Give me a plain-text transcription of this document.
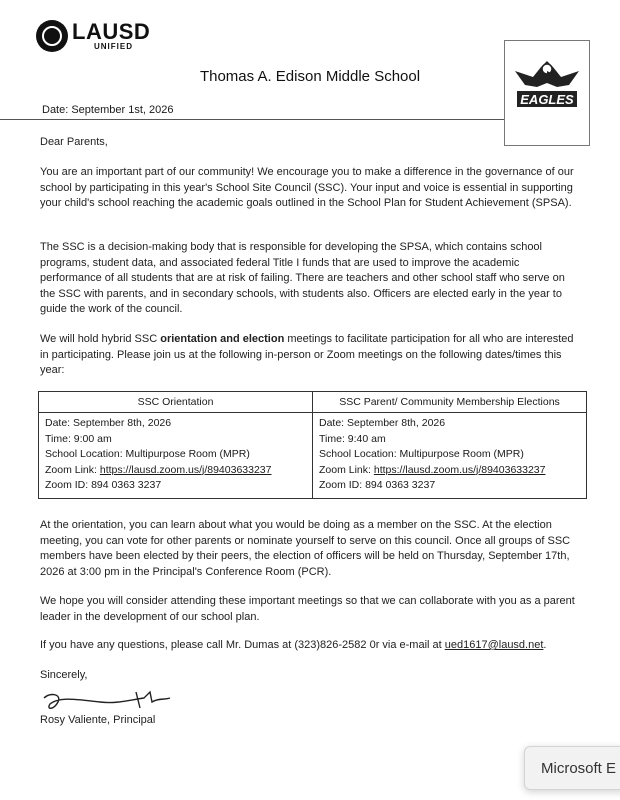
LAUSD
UNIFIED
Thomas A. Edison Middle School
EAGLES
Date: September 1st, 2026
Dear Parents,
You are an important part of our community! We encourage you to make a difference in the governance of our school by participating in this year's School Site Council (SSC). Your input and voice is essential in supporting your child's school reaching the academic goals outlined in the School Plan for Student Achievement (SPSA).
The SSC is a decision-making body that is responsible for developing the SPSA, which contains school programs, student data, and associated federal Title I funds that are used to improve the academic performance of all students that are at risk of failing. There are teachers and other school staff who serve on the SSC with parents, and in secondary schools, with students also. Officers are elected early in the year to guide the work of the council.
We will hold hybrid SSC orientation and election meetings to facilitate participation for all who are interested in participating. Please join us at the following in-person or Zoom meetings on the following dates/times this year:
SSC Orientation
Date: September 8th, 2026
Time: 9:00 am
School Location: Multipurpose Room (MPR)
Zoom Link: https://lausd.zoom.us/j/89403633237
Zoom ID: 894 0363 3237
SSC Parent/ Community Membership Elections
Date: September 8th, 2026
Time: 9:40 am
School Location: Multipurpose Room (MPR)
Zoom Link: https://lausd.zoom.us/j/89403633237
Zoom ID: 894 0363 3237
At the orientation, you can learn about what you would be doing as a member on the SSC. At the election meeting, you can vote for other parents or nominate yourself to serve on this council. Once all groups of SSC members have been elected by their peers, the election of officers will be held on Thursday, September 17th, 2026 at 3:00 pm in the Principal's Conference Room (PCR).
We hope you will consider attending these important meetings so that we can collaborate with you as a parent leader in the development of our school plan.
If you have any questions, please call Mr. Dumas at (323)826-2582 0r via e-mail at ued1617@lausd.net.
Sincerely,
Rosy Valiente, Principal
Microsoft E
